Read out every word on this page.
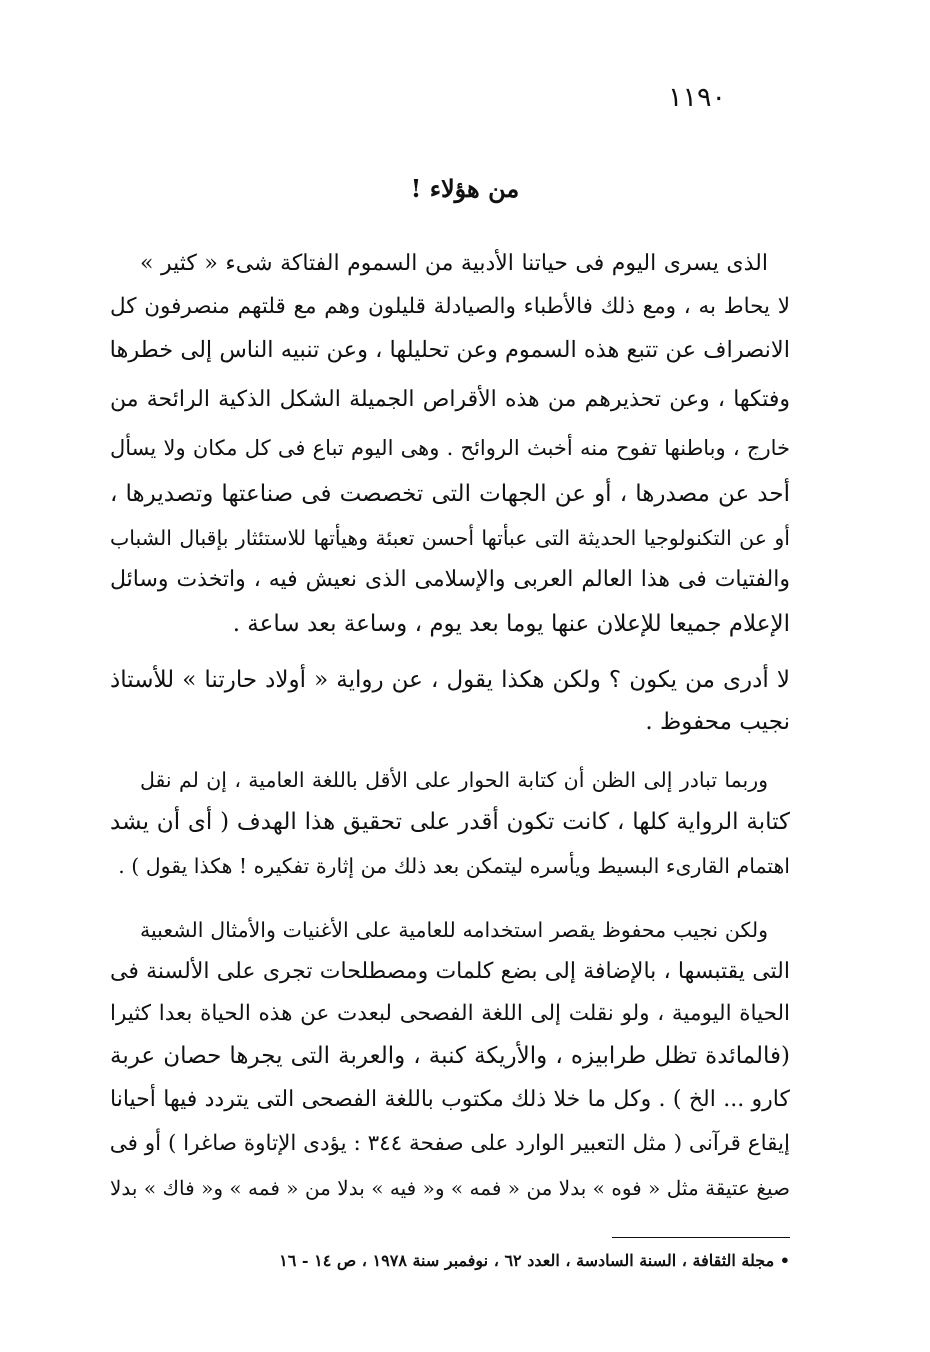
١١٩٠
من هؤلاء !
الذى يسرى اليوم فى حياتنا الأدبية من السموم الفتاكة شىء « كثير »
لا يحاط به ، ومع ذلك فالأطباء والصيادلة قليلون وهم مع قلتهم منصرفون كل
الانصراف عن تتبع هذه السموم وعن تحليلها ، وعن تنبيه الناس إلى خطرها
وفتكها ، وعن تحذيرهم من هذه الأقراص الجميلة الشكل الذكية الرائحة من
خارج ، وباطنها تفوح منه أخبث الروائح . وهى اليوم تباع فى كل مكان ولا يسأل
أحد عن مصدرها ، أو عن الجهات التى تخصصت فى صناعتها وتصديرها ،
أو عن التكنولوجيا الحديثة التى عبأتها أحسن تعبئة وهيأتها للاستئثار بإقبال الشباب
والفتيات فى هذا العالم العربى والإسلامى الذى نعيش فيه ، واتخذت وسائل
الإعلام جميعا للإعلان عنها يوما بعد يوم ، وساعة بعد ساعة .
لا أدرى من يكون ؟ ولكن هكذا يقول ، عن رواية « أولاد حارتنا » للأستاذ
نجيب محفوظ .
وربما تبادر إلى الظن أن كتابة الحوار على الأقل باللغة العامية ، إن لم نقل
كتابة الرواية كلها ، كانت تكون أقدر على تحقيق هذا الهدف ( أى أن يشد
اهتمام القارىء البسيط ويأسره ليتمكن بعد ذلك من إثارة تفكيره ! هكذا يقول ) .
ولكن نجيب محفوظ يقصر استخدامه للعامية على الأغنيات والأمثال الشعبية
التى يقتبسها ، بالإضافة إلى بضع كلمات ومصطلحات تجرى على الألسنة فى
الحياة اليومية ، ولو نقلت إلى اللغة الفصحى لبعدت عن هذه الحياة بعدا كثيرا
(فالمائدة تظل طرابيزه ، والأريكة كنبة ، والعربة التى يجرها حصان عربة
كارو ... الخ ) . وكل ما خلا ذلك مكتوب باللغة الفصحى التى يتردد فيها أحيانا
إيقاع قرآنى ( مثل التعبير الوارد على صفحة ٣٤٤ : يؤدى الإتاوة صاغرا ) أو فى
صيغ عتيقة مثل « فوه » بدلا من « فمه » و« فيه » بدلا من « فمه » و« فاك » بدلا
• مجلة الثقافة ، السنة السادسة ، العدد ٦٢ ، نوفمبر سنة ١٩٧٨ ، ص ١٤ - ١٦
